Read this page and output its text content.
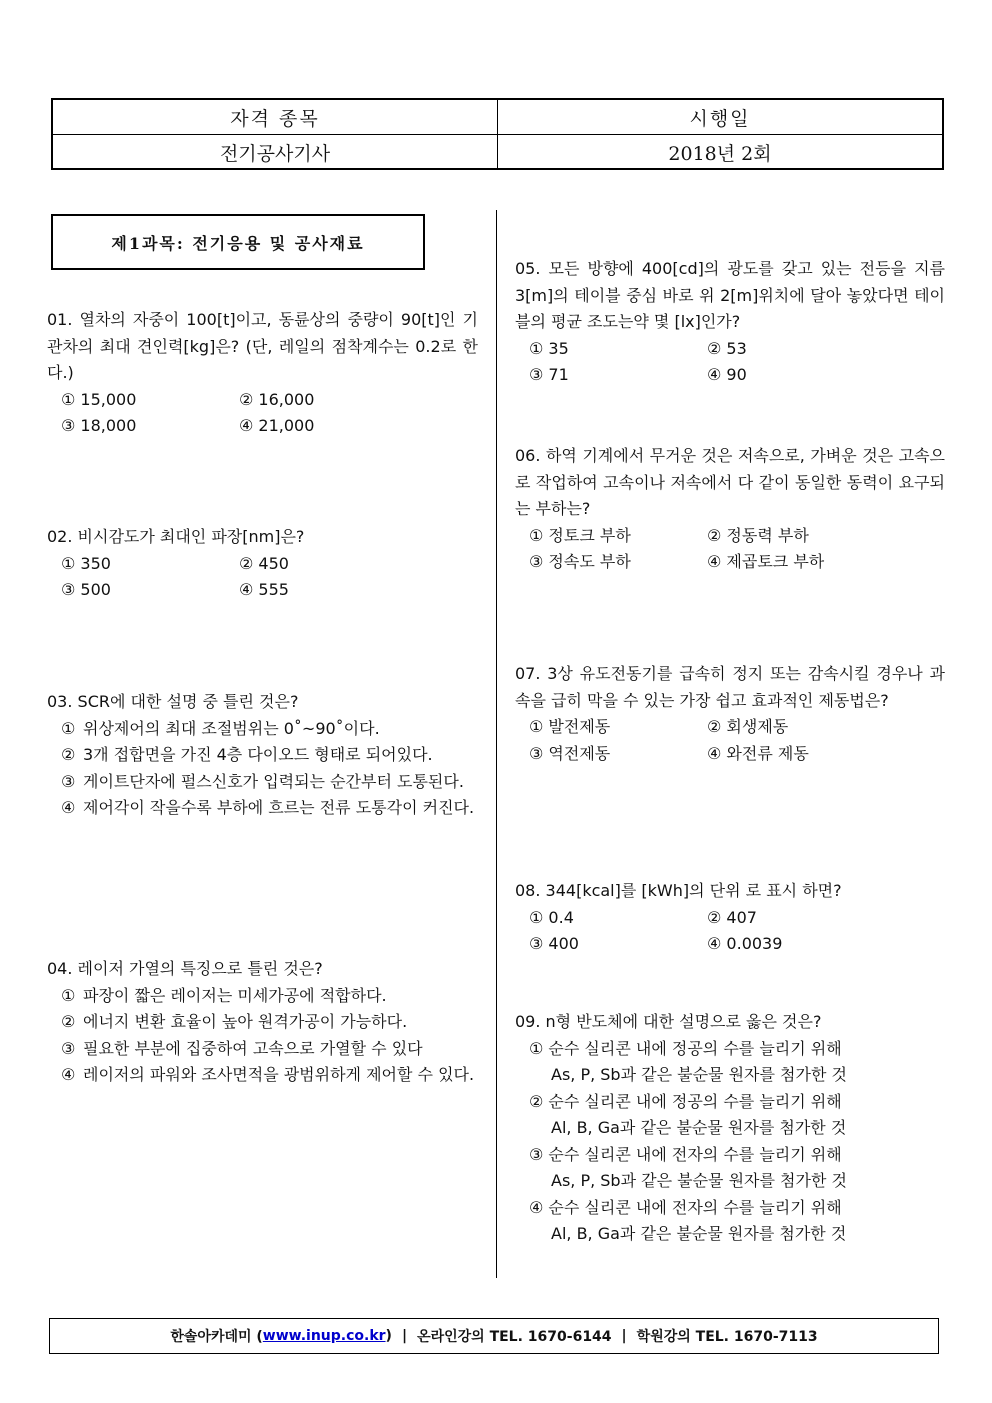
자격 종목	시행일
전기공사기사	2018년 2회
제1과목: 전기응용 및 공사재료
01. 열차의 자중이 100[t]이고, 동륜상의 중량이 90[t]인 기관차의 최대 견인력[kg]은? (단, 레일의 점착계수는 0.2로 한다.)
① 15,000	② 16,000
③ 18,000	④ 21,000
02. 비시감도가 최대인 파장[nm]은?
① 350	② 450
③ 500	④ 555
03. SCR에 대한 설명 중 틀린 것은?
① 위상제어의 최대 조절범위는 0˚~90˚이다.
② 3개 접합면을 가진 4층 다이오드 형태로 되어있다.
③ 게이트단자에 펄스신호가 입력되는 순간부터 도통된다.
④ 제어각이 작을수록 부하에 흐르는 전류 도통각이 커진다.
04. 레이저 가열의 특징으로 틀린 것은?
① 파장이 짧은 레이저는 미세가공에 적합하다.
② 에너지 변환 효율이 높아 원격가공이 가능하다.
③ 필요한 부분에 집중하여 고속으로 가열할 수 있다
④ 레이저의 파워와 조사면적을 광범위하게 제어할 수 있다.
05. 모든 방향에 400[cd]의 광도를 갖고 있는 전등을 지름 3[m]의 테이블 중심 바로 위 2[m]위치에 달아 놓았다면 테이블의 평균 조도는약 몇 [lx]인가?
① 35	② 53
③ 71	④ 90
06. 하역 기계에서 무거운 것은 저속으로, 가벼운 것은 고속으로 작업하여 고속이나 저속에서 다 같이 동일한 동력이 요구되는 부하는?
① 정토크 부하	② 정동력 부하
③ 정속도 부하	④ 제곱토크 부하
07. 3상 유도전동기를 급속히 정지 또는 감속시킬 경우나 과속을 급히 막을 수 있는 가장 쉽고 효과적인 제동법은?
① 발전제동	② 회생제동
③ 역전제동	④ 와전류 제동
08. 344[kcal]를 [kWh]의 단위 로 표시 하면?
① 0.4	② 407
③ 400	④ 0.0039
09. n형 반도체에 대한 설명으로 옳은 것은?
① 순수 실리콘 내에 정공의 수를 늘리기 위해
As, P, Sb과 같은 불순물 원자를 첨가한 것
② 순수 실리콘 내에 정공의 수를 늘리기 위해
Al, B, Ga과 같은 불순물 원자를 첨가한 것
③ 순수 실리콘 내에 전자의 수를 늘리기 위해
As, P, Sb과 같은 불순물 원자를 첨가한 것
④ 순수 실리콘 내에 전자의 수를 늘리기 위해
Al, B, Ga과 같은 불순물 원자를 첨가한 것
한솔아카데미 ( www.inup.co.kr ) | 온라인강의 TEL. 1670-6144 | 학원강의 TEL. 1670-7113
